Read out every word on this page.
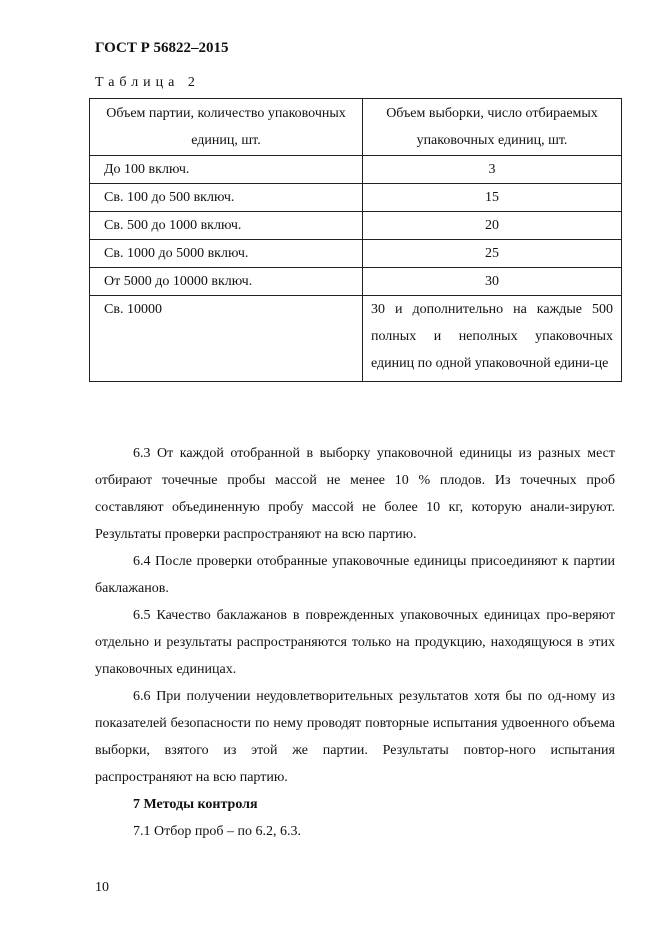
ГОСТ Р 56822–2015
Таблица 2
Объем партии, количество упаковочных единиц, шт.	Объем выборки, число отбираемых упаковочных единиц, шт.
До 100 включ.	3
Св. 100 до 500 включ.	15
Св. 500 до 1000 включ.	20
Св. 1000 до 5000 включ.	25
От 5000 до 10000 включ.	30
Св. 10000	30 и дополнительно на каждые 500 полных и неполных упаковочных единиц по одной упаковочной едини-це

6.3 От каждой отобранной в выборку упаковочной единицы из разных мест отбирают точечные пробы массой не менее 10 % плодов. Из точечных проб составляют объединенную пробу массой не более 10 кг, которую анали-зируют. Результаты проверки распространяют на всю партию.

6.4 После проверки отобранные упаковочные единицы присоединяют к партии баклажанов.

6.5 Качество баклажанов в поврежденных упаковочных единицах про-веряют отдельно и результаты распространяются только на продукцию, находящуюся в этих упаковочных единицах.

6.6 При получении неудовлетворительных результатов хотя бы по од-ному из показателей безопасности по нему проводят повторные испытания удвоенного объема выборки, взятого из этой же партии. Результаты повтор-ного испытания распространяют на всю партию.

7 Методы контроля

7.1 Отбор проб – по 6.2, 6.3.

10
